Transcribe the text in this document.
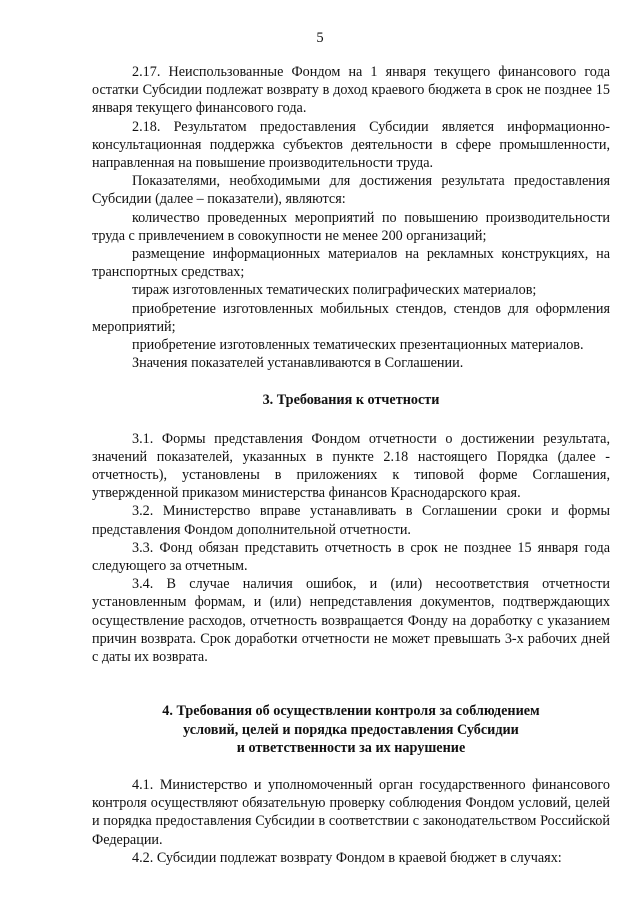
5

2.17. Неиспользованные Фондом на 1 января текущего финансового года остатки Субсидии подлежат возврату в доход краевого бюджета в срок не позднее 15 января текущего финансового года.

2.18. Результатом предоставления Субсидии является информационно-консультационная поддержка субъектов деятельности в сфере промышленности, направленная на повышение производительности труда.

Показателями, необходимыми для достижения результата предоставления Субсидии (далее – показатели), являются:

количество проведенных мероприятий по повышению производительности труда с привлечением в совокупности не менее 200 организаций;

размещение информационных материалов на рекламных конструкциях, на транспортных средствах;

тираж изготовленных тематических полиграфических материалов;

приобретение изготовленных мобильных стендов, стендов для оформления мероприятий;

приобретение изготовленных тематических презентационных материалов.

Значения показателей устанавливаются в Соглашении.

3. Требования к отчетности

3.1. Формы представления Фондом отчетности о достижении результата, значений показателей, указанных в пункте 2.18 настоящего Порядка (далее - отчетность), установлены в приложениях к типовой форме Соглашения, утвержденной приказом министерства финансов Краснодарского края.

3.2. Министерство вправе устанавливать в Соглашении сроки и формы представления Фондом дополнительной отчетности.

3.3. Фонд обязан представить отчетность в срок не позднее 15 января года следующего за отчетным.

3.4. В случае наличия ошибок, и (или) несоответствия отчетности установленным формам, и (или) непредставления документов, подтверждающих осуществление расходов, отчетность возвращается Фонду на доработку с указанием причин возврата. Срок доработки отчетности не может превышать 3-х рабочих дней с даты их возврата.

4. Требования об осуществлении контроля за соблюдением

условий, целей и порядка предоставления Субсидии

и ответственности за их нарушение

4.1. Министерство и уполномоченный орган государственного финансового контроля осуществляют обязательную проверку соблюдения Фондом условий, целей и порядка предоставления Субсидии в соответствии с законодательством Российской Федерации.

4.2. Субсидии подлежат возврату Фондом в краевой бюджет в случаях:
